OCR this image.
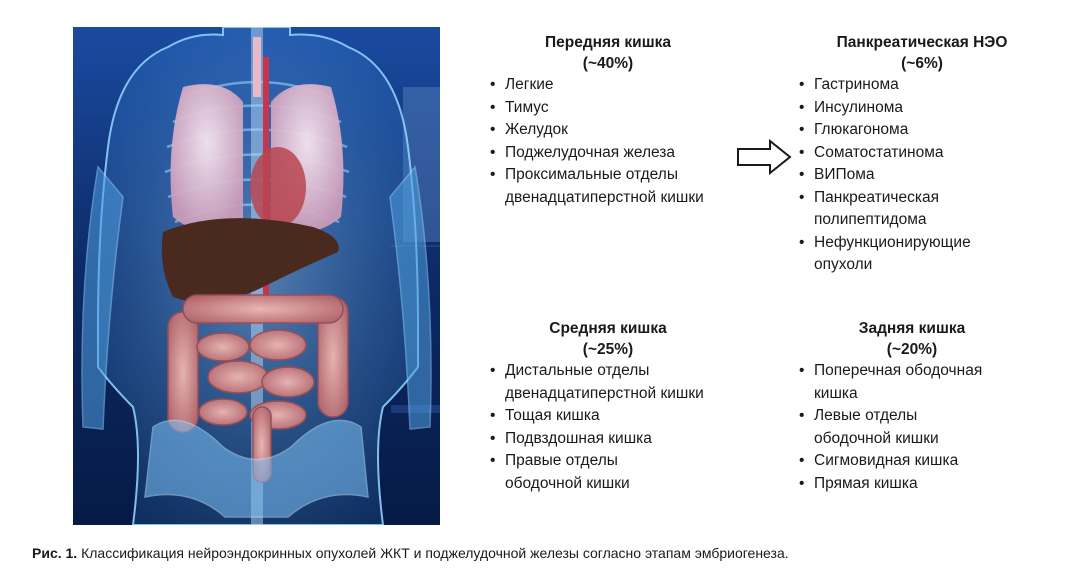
Передняя кишка
(~40%)
• Легкие
• Тимус
• Желудок
• Поджелудочная железа
• Проксимальные отделы двенадцатиперстной кишки
Панкреатическая НЭО
(~6%)
• Гастринома
• Инсулинома
• Глюкагонома
• Соматостатинома
• ВИПома
• Панкреатическая полипептидома
• Нефункционирующие опухоли
Средняя кишка
(~25%)
• Дистальные отделы двенадцатиперстной кишки
• Тощая кишка
• Подвздошная кишка
• Правые отделы ободочной кишки
Задняя кишка
(~20%)
• Поперечная ободочная кишка
• Левые отделы ободочной кишки
• Сигмовидная кишка
• Прямая кишка
Рис. 1. Классификация нейроэндокринных опухолей ЖКТ и поджелудочной железы согласно этапам эмбриогенеза.
